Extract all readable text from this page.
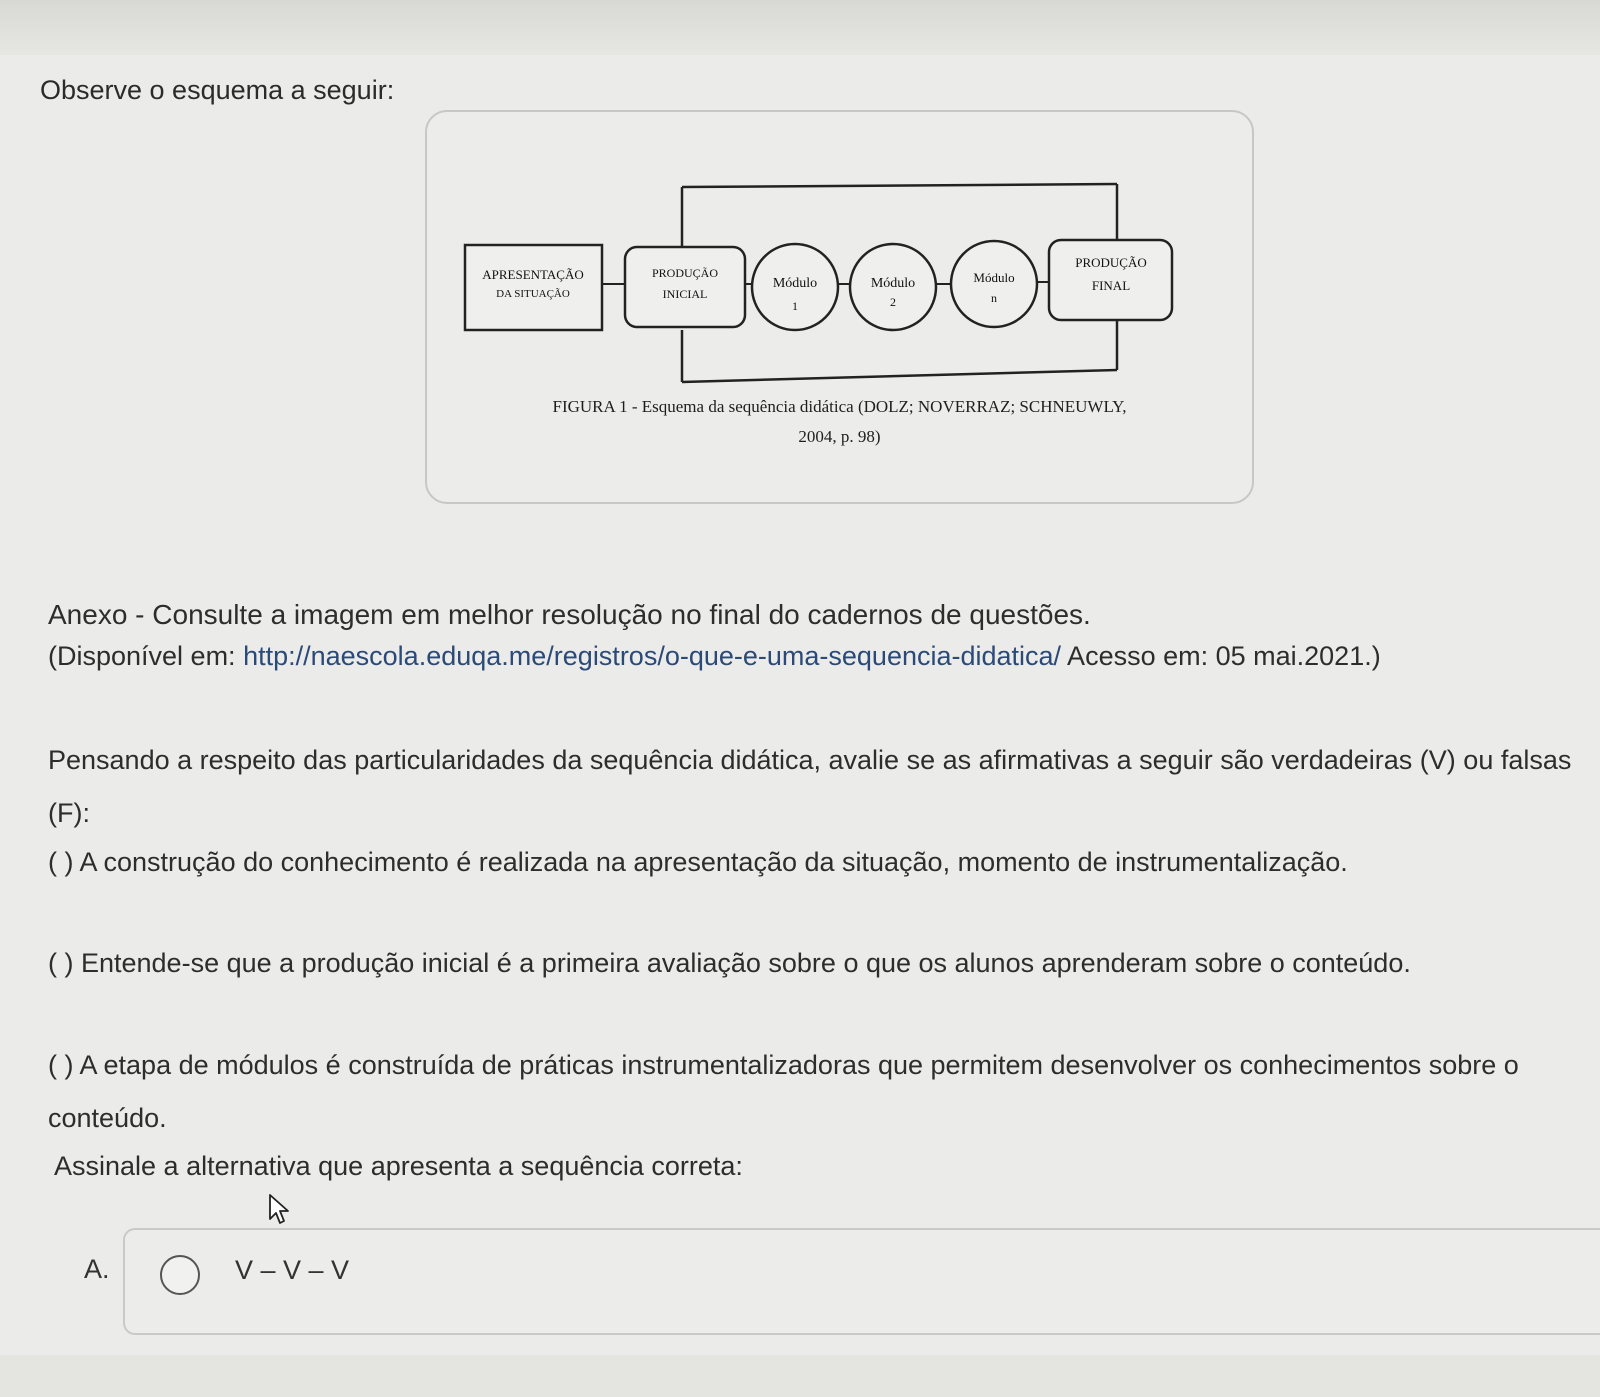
Observe o esquema a seguir:

APRESENTAÇÃO
DA SITUAÇÃO
PRODUÇÃO
INICIAL
Módulo
1
Módulo
2
Módulo
n
PRODUÇÃO
FINAL
FIGURA 1 - Esquema da sequência didática (DOLZ; NOVERRAZ; SCHNEUWLY,
2004, p. 98)

Anexo - Consulte a imagem em melhor resolução no final do cadernos de questões.

(Disponível em: http://naescola.eduqa.me/registros/o-que-e-uma-sequencia-didatica/ Acesso em: 05 mai.2021.)

Pensando a respeito das particularidades da sequência didática, avalie se as afirmativas a seguir são verdadeiras (V) ou falsas (F):

( ) A construção do conhecimento é realizada na apresentação da situação, momento de instrumentalização.

( ) Entende-se que a produção inicial é a primeira avaliação sobre o que os alunos aprenderam sobre o conteúdo.

( ) A etapa de módulos é construída de práticas instrumentalizadoras que permitem desenvolver os conhecimentos sobre o conteúdo.

Assinale a alternativa que apresenta a sequência correta:

A.	V – V – V
